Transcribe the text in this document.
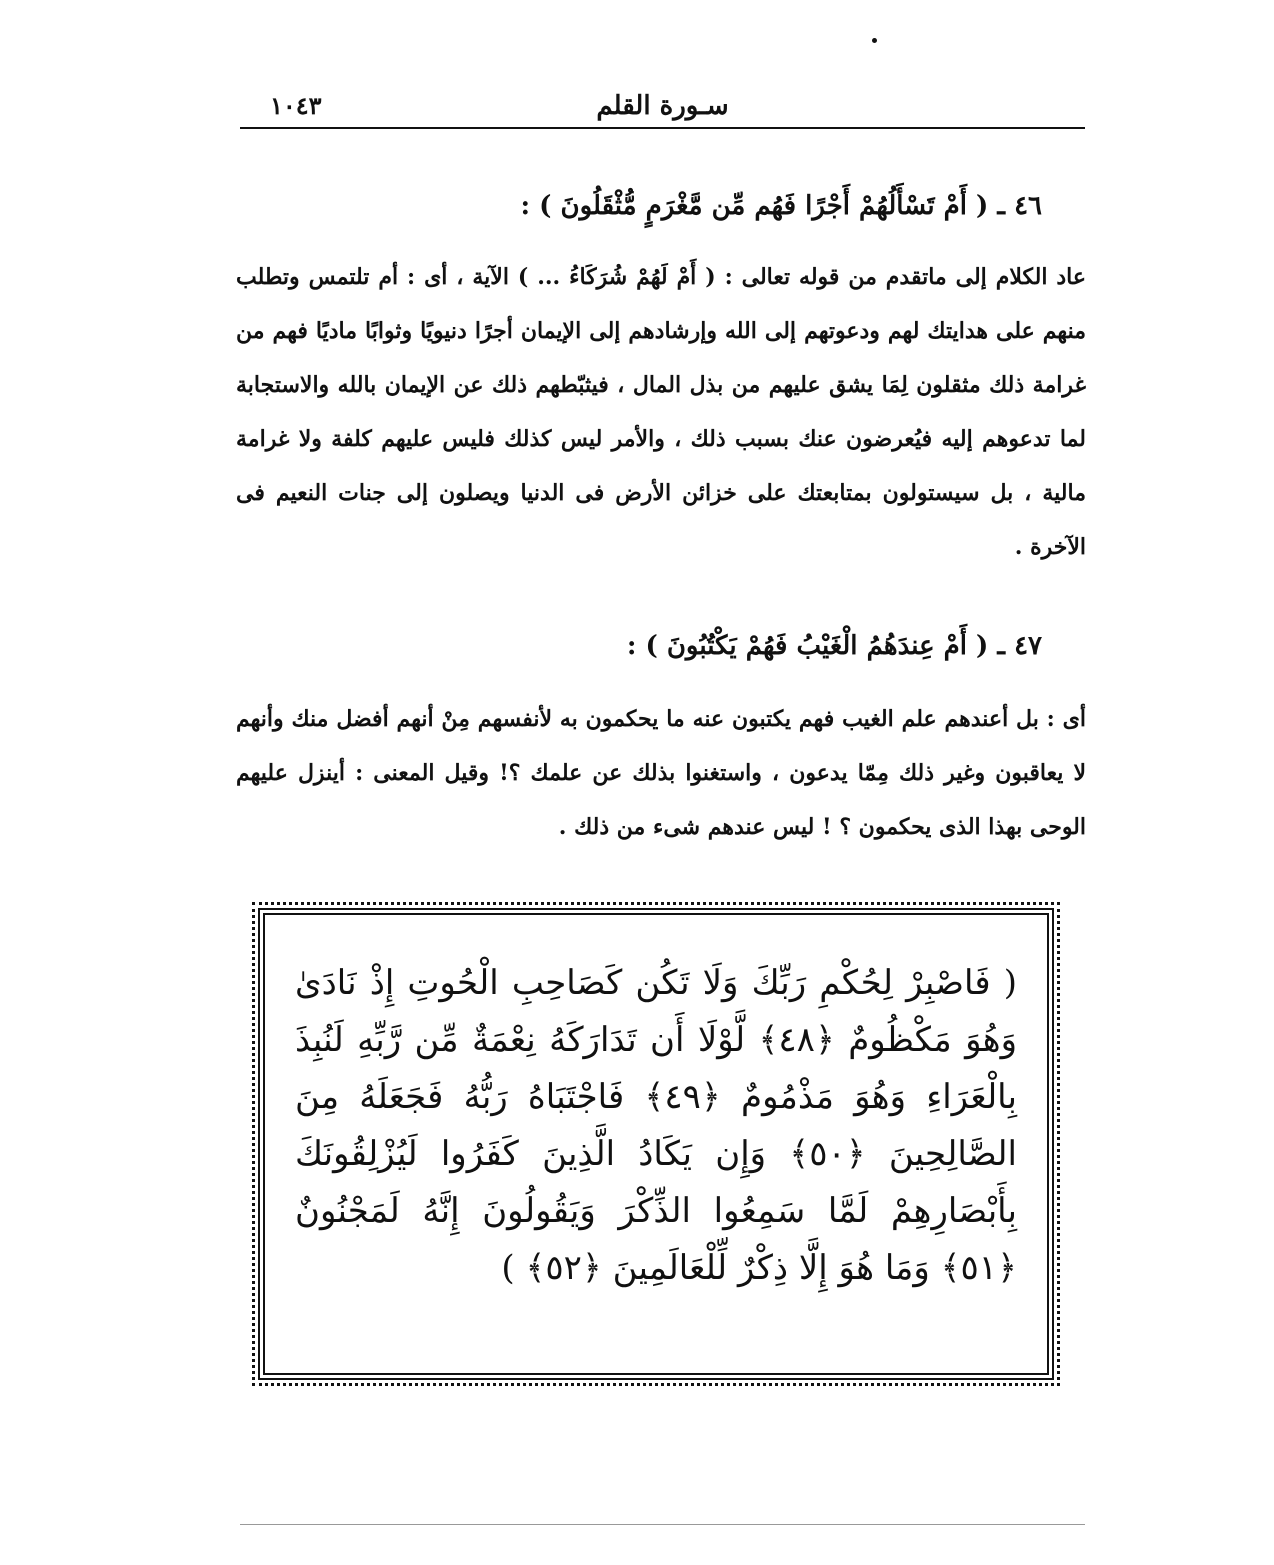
سـورة القلم
١٠٤٣
٤٦ ـ ( أَمْ تَسْأَلُهُمْ أَجْرًا فَهُم مِّن مَّغْرَمٍ مُّثْقَلُونَ ) :
عاد الكلام إلى ماتقدم من قوله تعالى : ( أَمْ لَهُمْ شُرَكَاءُ ... ) الآية ، أى : أم تلتمس وتطلب منهم على هدايتك لهم ودعوتهم إلى الله وإرشادهم إلى الإيمان أجرًا دنيويًا وثوابًا ماديًا فهم من غرامة ذلك مثقلون لِمَا يشق عليهم من بذل المال ، فيثبّطهم ذلك عن الإيمان بالله والاستجابة لما تدعوهم إليه فيُعرضون عنك بسبب ذلك ، والأمر ليس كذلك فليس عليهم كلفة ولا غرامة مالية ، بل سيستولون بمتابعتك على خزائن الأرض فى الدنيا ويصلون إلى جنات النعيم فى الآخرة .
٤٧ ـ ( أَمْ عِندَهُمُ الْغَيْبُ فَهُمْ يَكْتُبُونَ ) :
أى : بل أعندهم علم الغيب فهم يكتبون عنه ما يحكمون به لأنفسهم مِنْ أنهم أفضل منك وأنهم لا يعاقبون وغير ذلك مِمّا يدعون ، واستغنوا بذلك عن علمك ؟! وقيل المعنى : أينزل عليهم الوحى بهذا الذى يحكمون ؟ ! ليس عندهم شىء من ذلك .
( فَاصْبِرْ لِحُكْمِ رَبِّكَ وَلَا تَكُن كَصَاحِبِ الْحُوتِ إِذْ نَادَىٰ وَهُوَ مَكْظُومٌ ﴿٤٨﴾ لَّوْلَا أَن تَدَارَكَهُ نِعْمَةٌ مِّن رَّبِّهِ لَنُبِذَ بِالْعَرَاءِ وَهُوَ مَذْمُومٌ ﴿٤٩﴾ فَاجْتَبَاهُ رَبُّهُ فَجَعَلَهُ مِنَ الصَّالِحِينَ ﴿٥٠﴾ وَإِن يَكَادُ الَّذِينَ كَفَرُوا لَيُزْلِقُونَكَ بِأَبْصَارِهِمْ لَمَّا سَمِعُوا الذِّكْرَ وَيَقُولُونَ إِنَّهُ لَمَجْنُونٌ ﴿٥١﴾ وَمَا هُوَ إِلَّا ذِكْرٌ لِّلْعَالَمِينَ ﴿٥٢﴾ )
